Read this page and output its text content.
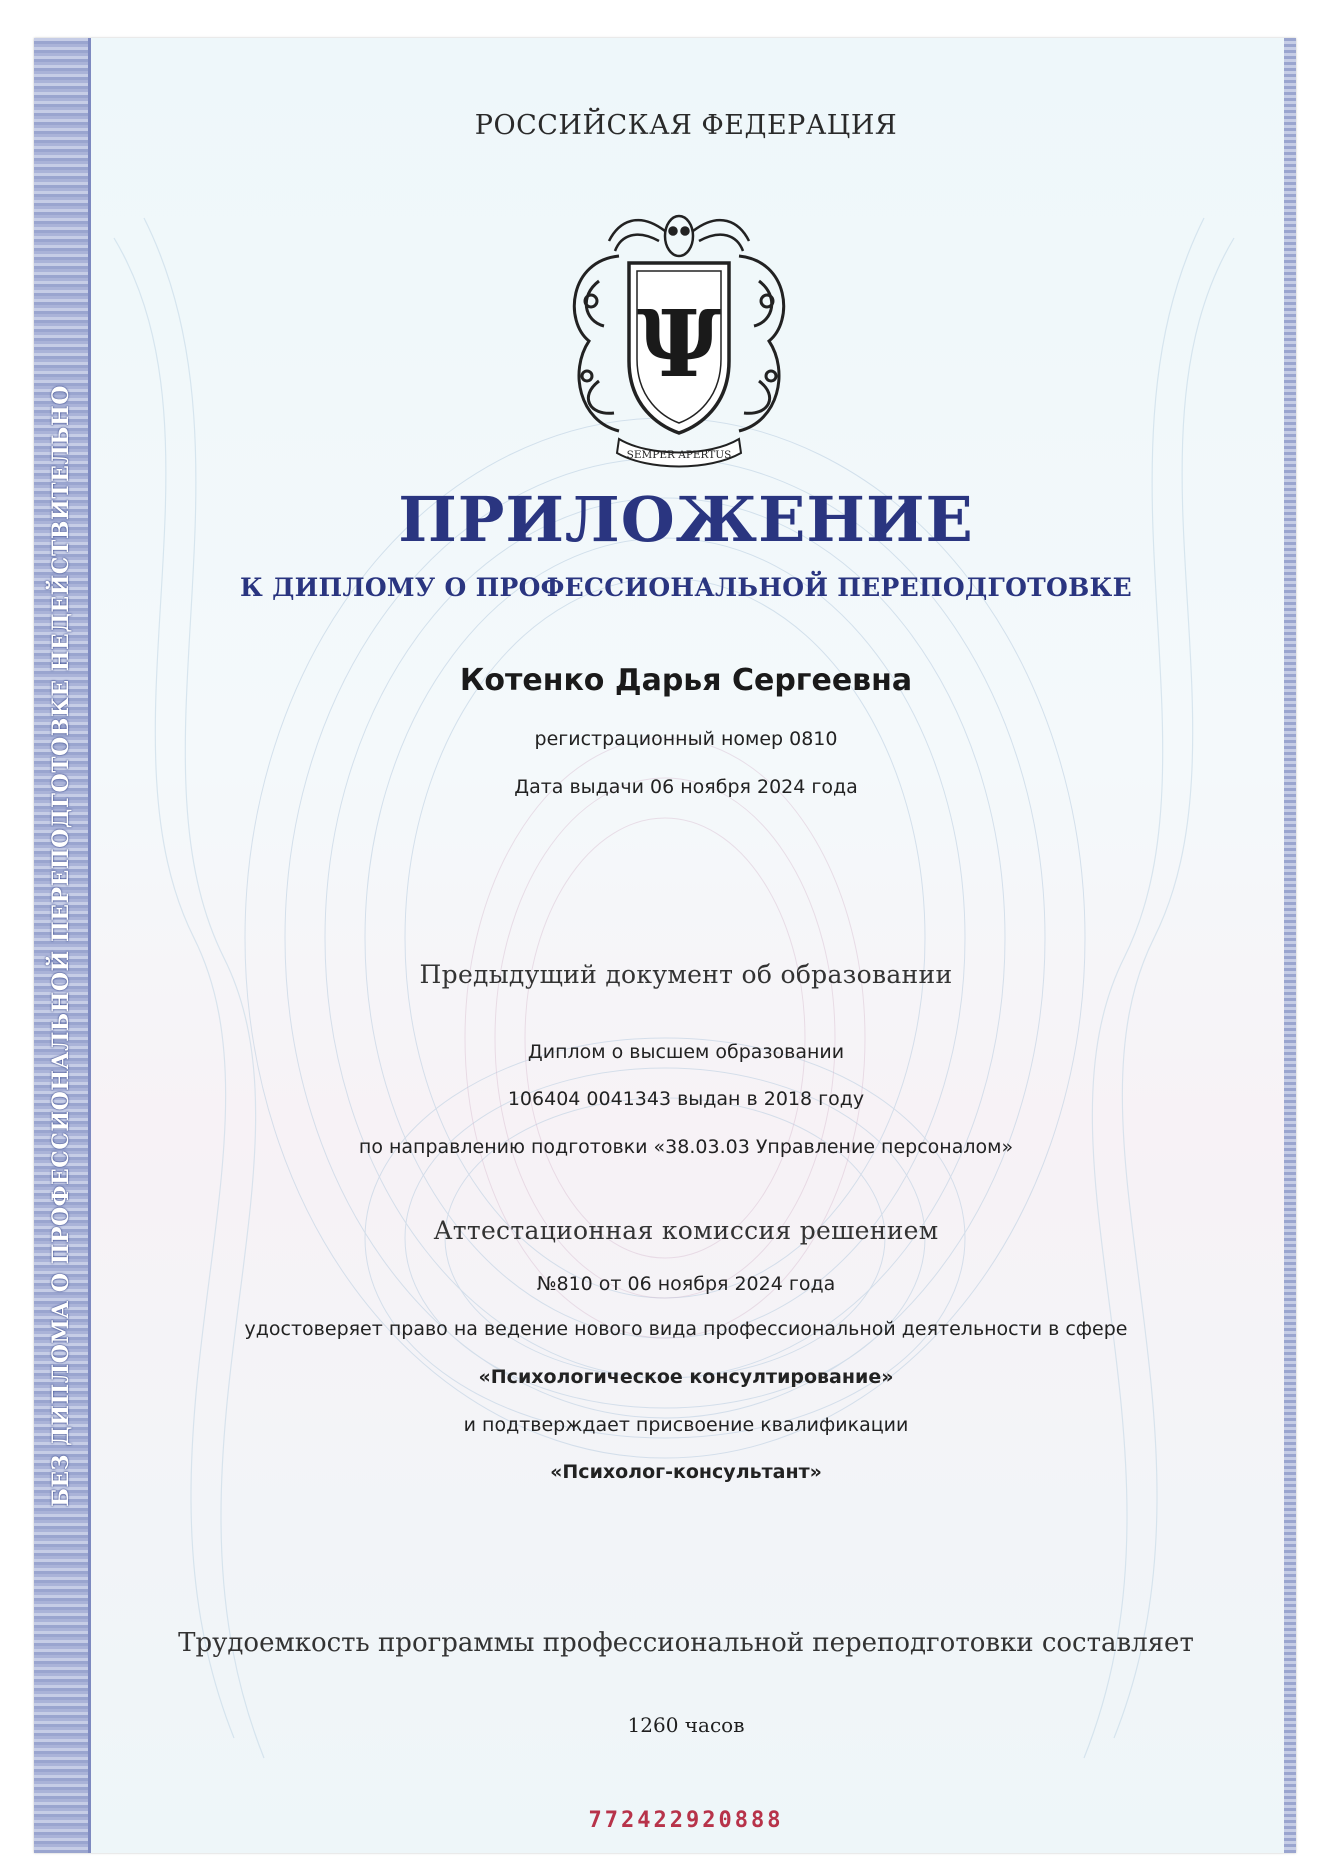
БЕЗ ДИПЛОМА О ПРОФЕССИОНАЛЬНОЙ ПЕРЕПОДГОТОВКЕ НЕДЕЙСТВИТЕЛЬНО
РОССИЙСКАЯ ФЕДЕРАЦИЯ
Ψ
SEMPER APERTUS
ПРИЛОЖЕНИЕ
К ДИПЛОМУ О ПРОФЕССИОНАЛЬНОЙ ПЕРЕПОДГОТОВКЕ
Котенко Дарья Сергеевна
регистрационный номер 0810
Дата выдачи 06 ноября 2024 года
Предыдущий документ об образовании
Диплом о высшем образовании
106404 0041343 выдан в 2018 году
по направлению подготовки «38.03.03 Управление персоналом»
Аттестационная комиссия решением
№810 от 06 ноября 2024 года
удостоверяет право на ведение нового вида профессиональной деятельности в сфере
«Психологическое консултирование»
и подтверждает присвоение квалификации
«Психолог-консультант»
Трудоемкость программы профессиональной переподготовки составляет
1260 часов
772422920888
